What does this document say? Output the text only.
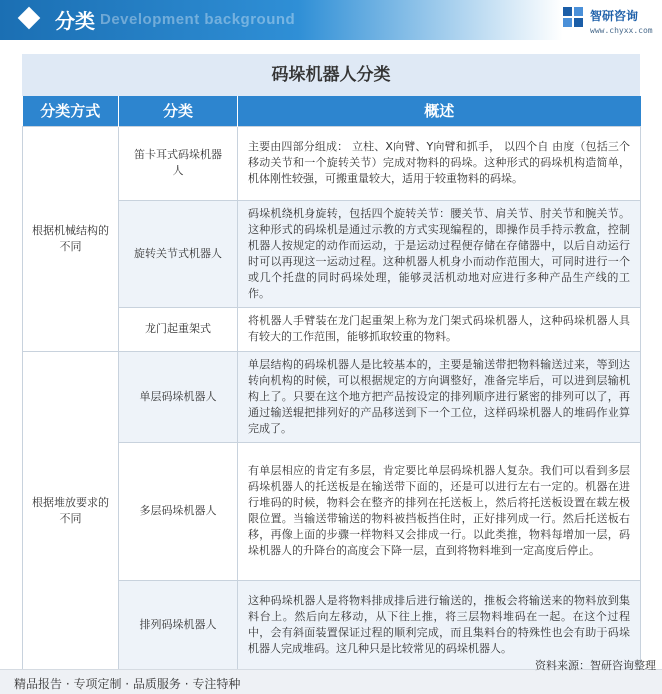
分类 Development background	智研咨询
www.chyxx.com
码垛机器人分类
分类方式	分类	概述
根据机械结构的不同	笛卡耳式码垛机器人	主要由四部分组成： 立柱、X向臂、Y向臂和抓手， 以四个自 由度（包括三个移动关节和一个旋转关节）完成对物料的码垛。这种形式的码垛机构造简单，机体刚性较强，可搬重量较大，适用于较重物料的码垛。
	旋转关节式机器人	码垛机绕机身旋转，包括四个旋转关节：腰关节、肩关节、肘关节和腕关节。这种形式的码垛机是通过示教的方式实现编程的，即操作员手持示教盒，控制机器人按规定的动作而运动，于是运动过程便存储在存储器中，以后自动运行时可以再现这一运动过程。这种机器人机身小而动作范围大，可同时进行一个或几个托盘的同时码垛处理，能够灵活机动地对应进行多种产品生产线的工作。
	龙门起重架式	将机器人手臂装在龙门起重架上称为龙门架式码垛机器人，这种码垛机器人具有较大的工作范围，能够抓取较重的物料。
根据堆放要求的不同	单层码垛机器人	单层结构的码垛机器人是比较基本的，主要是输送带把物料输送过来，等到达转向机构的时候，可以根据规定的方向调整好，准备完毕后，可以进到层输机构上了。只要在这个地方把产品按设定的排列顺序进行紧密的排列可以了，再通过输送辊把排列好的产品移送到下一个工位，这样码垛机器人的堆码作业算完成了。
	多层码垛机器人	有单层相应的肯定有多层，肯定要比单层码垛机器人复杂。我们可以看到多层码垛机器人的托送板是在输送带下面的，还是可以进行左右一定的。机器在进行堆码的时候，物料会在整齐的排列在托送板上，然后将托送板设置在载左极限位置。当输送带输送的物料被挡板挡住时，正好排列成一行。然后托送板右移，再像上面的步骤一样物料又会排成一行。以此类推，物料每增加一层，码垛机器人的升降台的高度会下降一层，直到将物料堆到一定高度后停止。
	排列码垛机器人	这种码垛机器人是将物料排成排后进行输送的，推板会将输送来的物料放到集料台上。然后向左移动，从下往上推，将三层物料堆码在一起。在这个过程中，会有斜面装置保证过程的顺利完成，而且集料台的特殊性也会有助于码垛机器人完成堆码。这几种只是比较常见的码垛机器人。
资料来源：智研咨询整理
精品报告 · 专项定制 · 品质服务 · 专注特种
